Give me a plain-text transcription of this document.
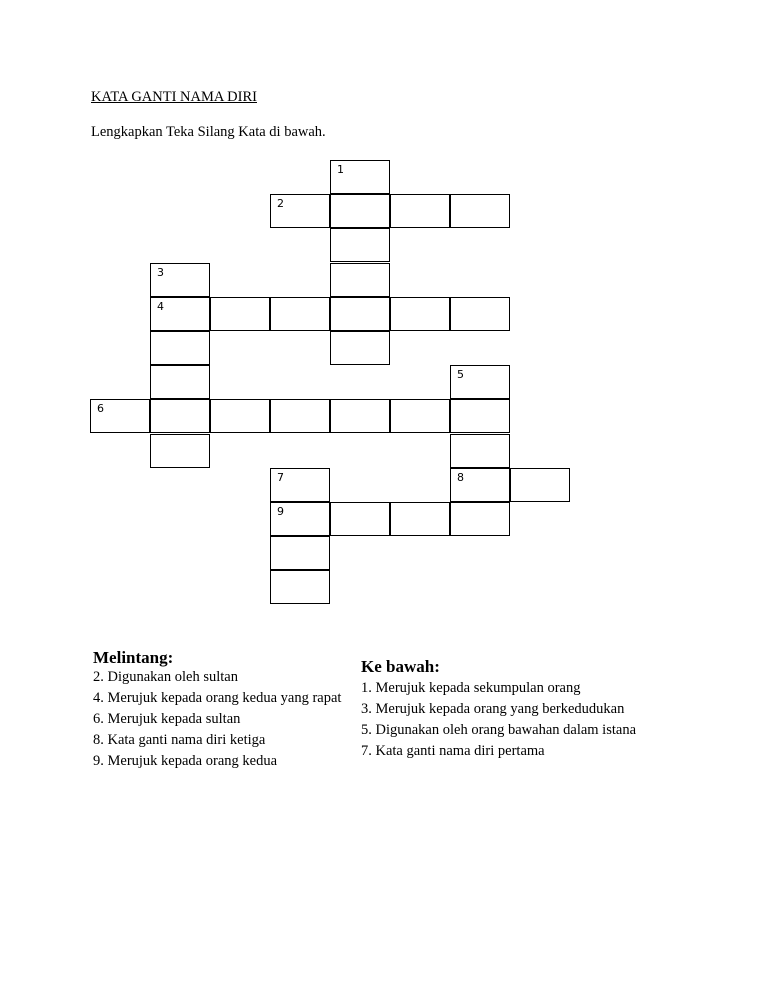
KATA GANTI NAMA DIRI
Lengkapkan Teka Silang Kata di bawah.
1
2
3
4
5
6
7	8
9
Melintang:
2. Digunakan oleh sultan
4. Merujuk kepada orang kedua yang rapat
6. Merujuk kepada sultan
8. Kata ganti nama diri ketiga
9. Merujuk kepada orang kedua
Ke bawah:
1. Merujuk kepada sekumpulan orang
3. Merujuk kepada orang yang berkedudukan
5. Digunakan oleh orang bawahan dalam istana
7. Kata ganti nama diri pertama
